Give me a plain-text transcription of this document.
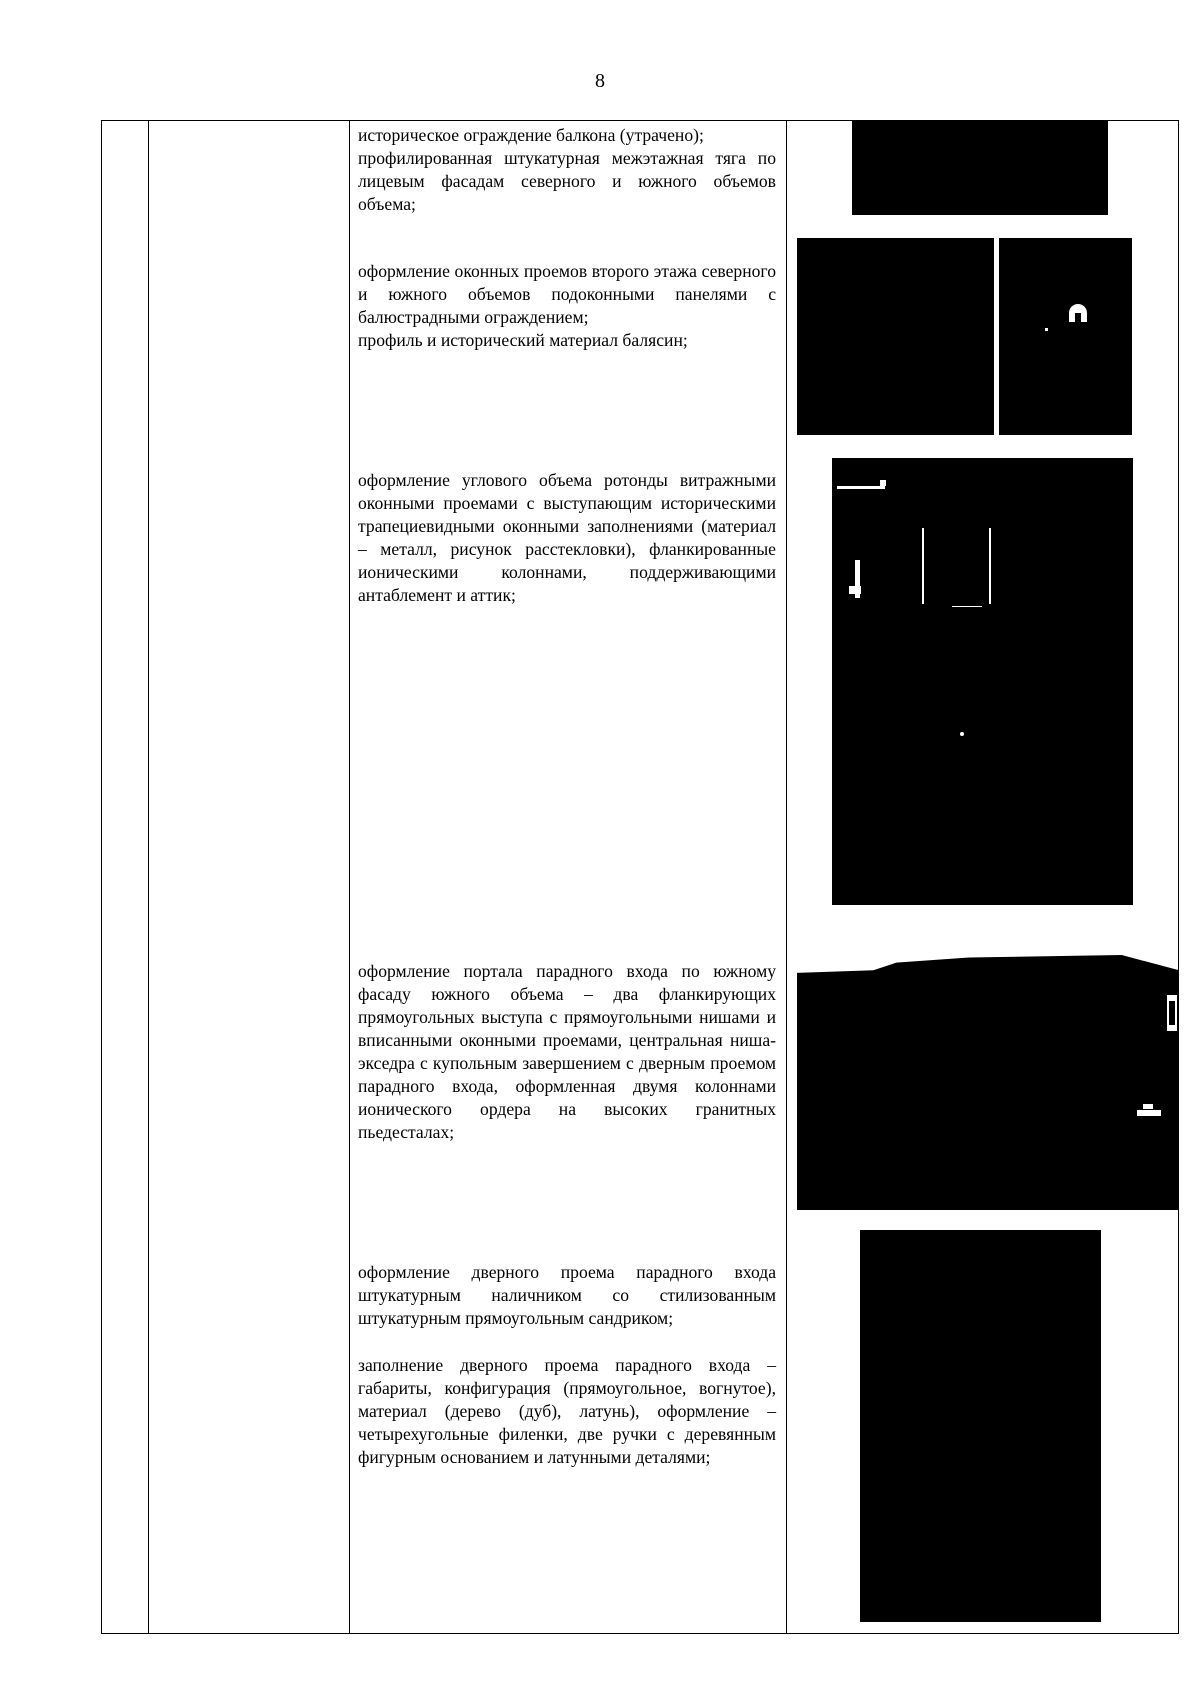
8

историческое ограждение балкона (утрачено);

профилированная штукатурная межэтажная тяга по лицевым фасадам северного и южного объемов объема;

оформление оконных проемов второго этажа северного и южного объемов подоконными панелями с балюстрадными ограждением;

профиль и исторический материал балясин;

оформление углового объема ротонды витражными оконными проемами с выступающим историческими трапециевидными оконными заполнениями (материал – металл, рисунок расстекловки), фланкированные ионическими колоннами, поддерживающими антаблемент и аттик;

оформление портала парадного входа по южному фасаду южного объема – два фланкирующих прямоугольных выступа с прямоугольными нишами и вписанными оконными проемами, центральная ниша-экседра с купольным завершением с дверным проемом парадного входа, оформленная двумя колоннами ионического ордера на высоких гранитных пьедесталах;

оформление дверного проема парадного входа штукатурным наличником со стилизованным штукатурным прямоугольным сандриком;

заполнение дверного проема парадного входа – габариты, конфигурация (прямоугольное, вогнутое), материал (дерево (дуб), латунь), оформление – четырехугольные филенки, две ручки с деревянным фигурным основанием и латунными деталями;
